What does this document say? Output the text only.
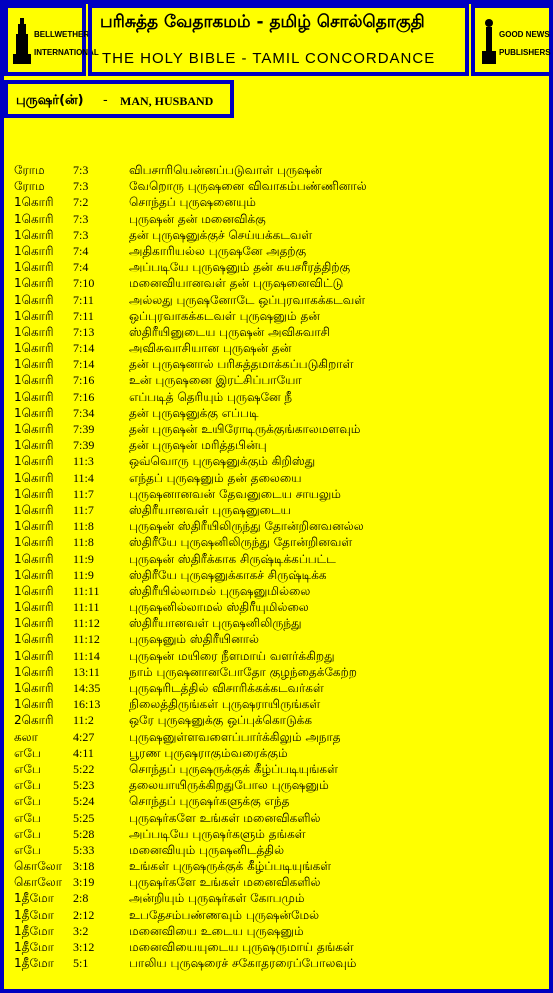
BELLWETHER
INTERNATIONAL
பரிசுத்த வேதாகமம் - தமிழ் சொல்தொகுதி
THE HOLY BIBLE - TAMIL CONCORDANCE
GOOD NEWS
PUBLISHERS
புருஷர்(ன்) - MAN, HUSBAND
ரோம 7:3	விபசாரியென்னப்படுவாள் புருஷன்
ரோம 7:3	வேறொரு புருஷனை விவாகம்பண்ணினால்
1கொரி 7:2	சொந்தப் புருஷனையும்
1கொரி 7:3	புருஷன் தன் மனைவிக்கு
1கொரி 7:3	தன் புருஷனுக்குச் செய்யக்கடவள்
1கொரி 7:4	அதிகாரியல்ல புருஷனே அதற்கு
1கொரி 7:4	அப்படியே புருஷனும் தன் சுயசரீரத்திற்கு
1கொரி 7:10	மனைவியானவள் தன் புருஷனைவிட்டு
1கொரி 7:11	அல்லது புருஷனோடே ஒப்புரவாகக்கடவள்
1கொரி 7:11	ஒப்புரவாகக்கடவள் புருஷனும் தன்
1கொரி 7:13	ஸ்திரீயினுடைய புருஷன் அவிசுவாசி
1கொரி 7:14	அவிசுவாசியான புருஷன் தன்
1கொரி 7:14	தன் புருஷனால் பரிசுத்தமாக்கப்படுகிறாள்
1கொரி 7:16	உன் புருஷனை இரட்சிப்பாயோ
1கொரி 7:16	எப்படித் தெரியும் புருஷனே நீ
1கொரி 7:34	தன் புருஷனுக்கு எப்படி
1கொரி 7:39	தன் புருஷன் உயிரோடிருக்குங்காலமளவும்
1கொரி 7:39	தன் புருஷன் மரித்தபின்பு
1கொரி 11:3	ஒவ்வொரு புருஷனுக்கும் கிறிஸ்து
1கொரி 11:4	எந்தப் புருஷனும் தன் தலையை
1கொரி 11:7	புருஷனானவன் தேவனுடைய சாயலும்
1கொரி 11:7	ஸ்திரீயானவள் புருஷனுடைய
1கொரி 11:8	புருஷன் ஸ்திரீயிலிருந்து தோன்றினவனல்ல
1கொரி 11:8	ஸ்திரீயே புருஷனிலிருந்து தோன்றினவள்
1கொரி 11:9	புருஷன் ஸ்திரீக்காக சிருஷ்டிக்கப்பட்ட
1கொரி 11:9	ஸ்திரீயே புருஷனுக்காகச் சிருஷ்டிக்க
1கொரி 11:11 ஸ்திரீயில்லாமல் புருஷனுமில்லை
1கொரி 11:11 புருஷனில்லாமல் ஸ்திரீயுமில்லை
1கொரி 11:12 ஸ்திரீயானவள் புருஷனிலிருந்து
1கொரி 11:12 புருஷனும் ஸ்திரீயினால்
1கொரி 11:14 புருஷன் மயிரை நீளமாய் வளர்க்கிறது
1கொரி 13:11 நாம் புருஷனானபோதோ குழந்தைக்கேற்ற
1கொரி 14:35 புருஷரிடத்தில் விசாரிக்கக்கடவர்கள்
1கொரி 16:13 நிலைத்திருங்கள் புருஷராயிருங்கள்
2கொரி 11:2	ஒரே புருஷனுக்கு ஒப்புக்கொடுக்க
கலா	4:27	புருஷனுள்ளவளைப்பார்க்கிலும் அநாத
எபே	4:11	பூரண புருஷராகும்வரைக்கும்
எபே	5:22	சொந்தப் புருஷருக்குக் கீழ்ப்படியுங்கள்
எபே	5:23	தலையாயிருக்கிறதுபோல புருஷனும்
எபே	5:24	சொந்தப் புருஷர்களுக்கு எந்த
எபே	5:25	புருஷர்களே உங்கள் மனைவிகளில்
எபே	5:28	அப்படியே புருஷர்களும் தங்கள்
எபே	5:33	மனைவியும் புருஷனிடத்தில்
கொலோ 3:18	உங்கள் புருஷருக்குக் கீழ்ப்படியுங்கள்
கொலோ 3:19	புருஷர்களே உங்கள் மனைவிகளில்
1தீமோ 2:8	அன்றியும் புருஷர்கள் கோபமும்
1தீமோ 2:12	உபதேசம்பண்ணவும் புருஷன்மேல்
1தீமோ 3:2	மனைவியை உடைய புருஷனும்
1தீமோ 3:12	மனைவியையுடைய புருஷருமாய் தங்கள்
1தீமோ 5:1	பாலிய புருஷரைச் சகோதரரைப்போலவும்
